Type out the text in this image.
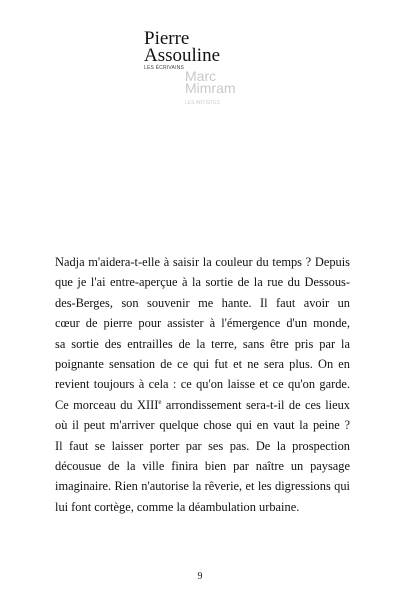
Pierre
Assouline
LES ÉCRIVAINS Marc
Mimram
LES ARTISTES
Nadja m'aidera-t-elle à saisir la couleur du temps ? Depuis
que je l'ai entre-aperçue à la sortie de la rue du Dessous-
des-Berges, son souvenir me hante. Il faut avoir un
cœur de pierre pour assister à l'émergence d'un monde,
sa sortie des entrailles de la terre, sans être pris par la
poignante sensation de ce qui fut et ne sera plus. On en
revient toujours à cela : ce qu'on laisse et ce qu'on garde.
Ce morceau du XIIIe arrondissement sera-t-il de ces lieux
où il peut m'arriver quelque chose qui en vaut la peine ?
Il faut se laisser porter par ses pas. De la prospection
décousue de la ville finira bien par naître un paysage
imaginaire. Rien n'autorise la rêverie, et les digressions qui
lui font cortège, comme la déambulation urbaine.
9
